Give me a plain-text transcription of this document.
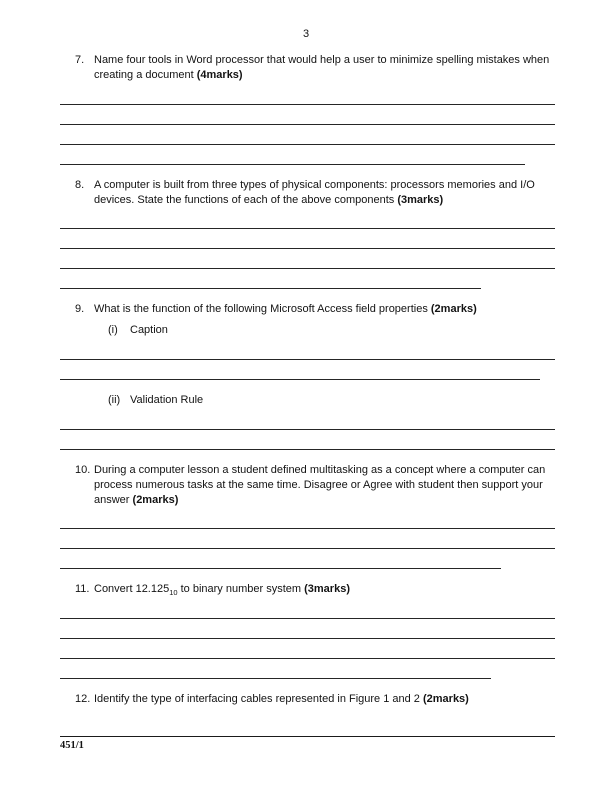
3
7. Name four tools in Word processor that would help a user to minimize spelling mistakes when creating a document (4marks)
8. A computer is built from three types of physical components: processors memories and I/O devices. State the functions of each of the above components (3marks)
9. What is the function of the following Microsoft Access field properties (2marks)
(i)	Caption
(ii) Validation Rule
10. During a computer lesson a student defined multitasking as a concept where a computer can process numerous tasks at the same time. Disagree or Agree with student then support your answer (2marks)
11. Convert $12.125_{10}$ to binary number system (3marks)
12. Identify the type of interfacing cables represented in Figure 1 and 2 (2marks)
451/1
